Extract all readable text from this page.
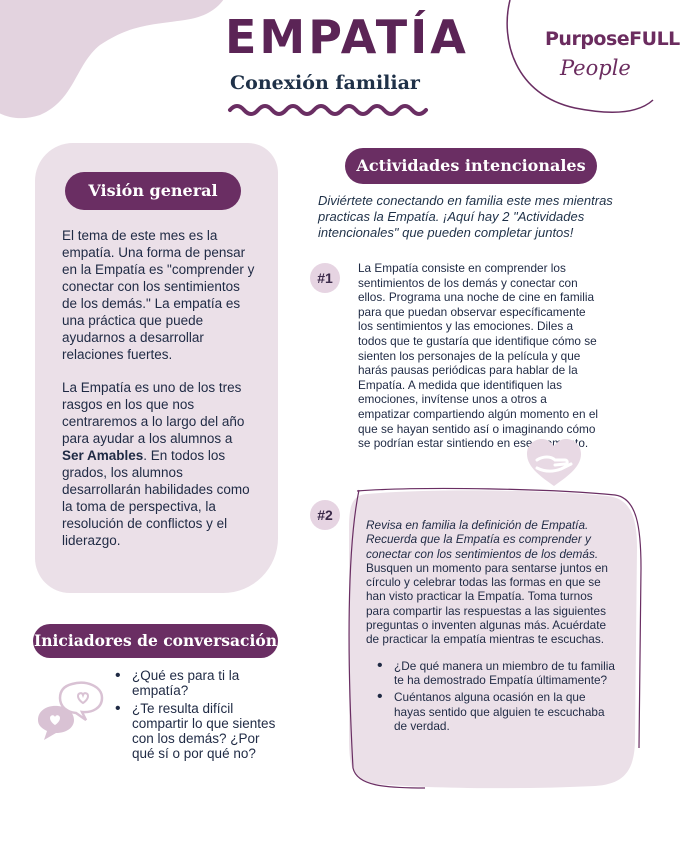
PurposeFULL
People
EMPATÍA
Conexión familiar
Visión general

El tema de este mes es la empatía. Una forma de pensar en la Empatía es "comprender y conectar con los sentimientos de los demás." La empatía es una práctica que puede ayudarnos a desarrollar relaciones fuertes.

La Empatía es uno de los tres rasgos en los que nos centraremos a lo largo del año para ayudar a los alumnos a Ser Amables. En todos los grados, los alumnos desarrollarán habilidades como la toma de perspectiva, la resolución de conflictos y el liderazgo.

Iniciadores de conversación
• ¿Qué es para ti la empatía?
• ¿Te resulta difícil compartir lo que sientes con los demás? ¿Por qué sí o por qué no?
Actividades intencionales
Diviértete conectando en familia este mes mientras practicas la Empatía. ¡Aquí hay 2 "Actividades intencionales" que pueden completar juntos!
#1
La Empatía consiste en comprender los sentimientos de los demás y conectar con ellos. Programa una noche de cine en familia para que puedan observar específicamente los sentimientos y las emociones. Diles a todos que te gustaría que identifique cómo se sienten los personajes de la película y que harás pausas periódicas para hablar de la Empatía. A medida que identifiquen las emociones, invítense unos a otros a empatizar compartiendo algún momento en el que se hayan sentido así o imaginando cómo se podrían estar sintiendo en ese momento.
#2

Revisa en familia la definición de Empatía. Recuerda que la Empatía es comprender y conectar con los sentimientos de los demás.

Busquen un momento para sentarse juntos en círculo y celebrar todas las formas en que se han visto practicar la Empatía. Toma turnos para compartir las respuestas a las siguientes preguntas o inventen algunas más. Acuérdate de practicar la empatía mientras te escuchas.

• ¿De qué manera un miembro de tu familia te ha demostrado Empatía últimamente?
• Cuéntanos alguna ocasión en la que hayas sentido que alguien te escuchaba de verdad.
